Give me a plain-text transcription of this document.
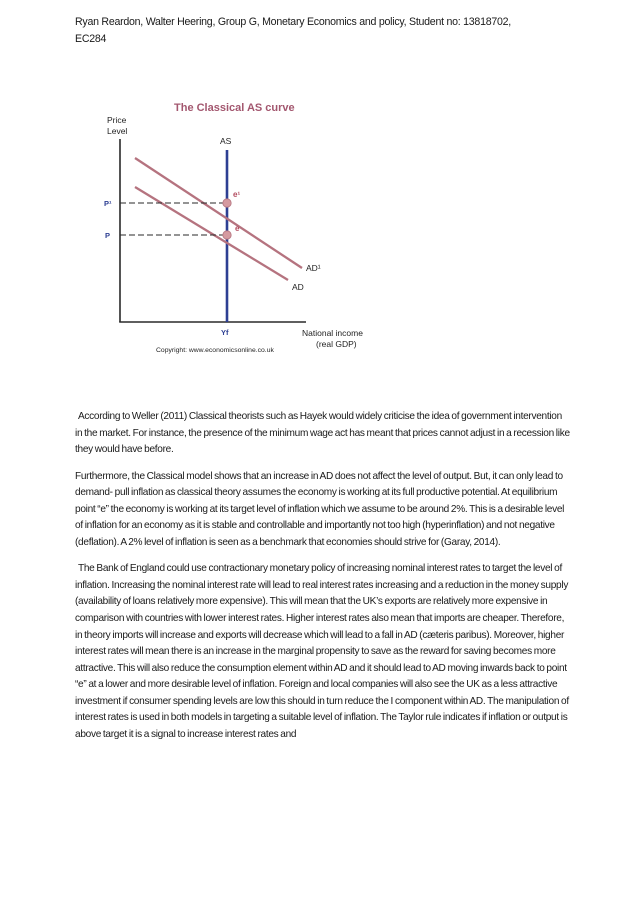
Ryan Reardon, Walter Heering, Group G, Monetary Economics and policy, Student no: 13818702,
EC284
The Classical AS curve
Price
Level
AS
P¹
P
e¹
e
AD¹
AD
Yf	National income
(real GDP)
Copyright: www.economicsonline.co.uk

According to Weller (2011) Classical theorists such as Hayek would widely criticise the idea of government intervention in the market. For instance, the presence of the minimum wage act has meant that prices cannot adjust in a recession like they would have before.

Furthermore, the Classical model shows that an increase in AD does not affect the level of output. But, it can only lead to demand- pull inflation as classical theory assumes the economy is working at its full productive potential. At equilibrium point “e” the economy is working at its target level of inflation which we assume to be around 2%. This is a desirable level of inflation for an economy as it is stable and controllable and importantly not too high (hyperinflation) and not negative (deflation). A 2% level of inflation is seen as a benchmark that economies should strive for (Garay, 2014).

The Bank of England could use contractionary monetary policy of increasing nominal interest rates to target the level of inflation. Increasing the nominal interest rate will lead to real interest rates increasing and a reduction in the money supply (availability of loans relatively more expensive). This will mean that the UK’s exports are relatively more expensive in comparison with countries with lower interest rates. Higher interest rates also mean that imports are cheaper. Therefore, in theory imports will increase and exports will decrease which will lead to a fall in AD (cæteris paribus). Moreover, higher interest rates will mean there is an increase in the marginal propensity to save as the reward for saving becomes more attractive. This will also reduce the consumption element within AD and it should lead to AD moving inwards back to point “e” at a lower and more desirable level of inflation. Foreign and local companies will also see the UK as a less attractive investment if consumer spending levels are low this should in turn reduce the I component within AD. The manipulation of interest rates is used in both models in targeting a suitable level of inflation. The Taylor rule indicates if inflation or output is above target it is a signal to increase interest rates and
